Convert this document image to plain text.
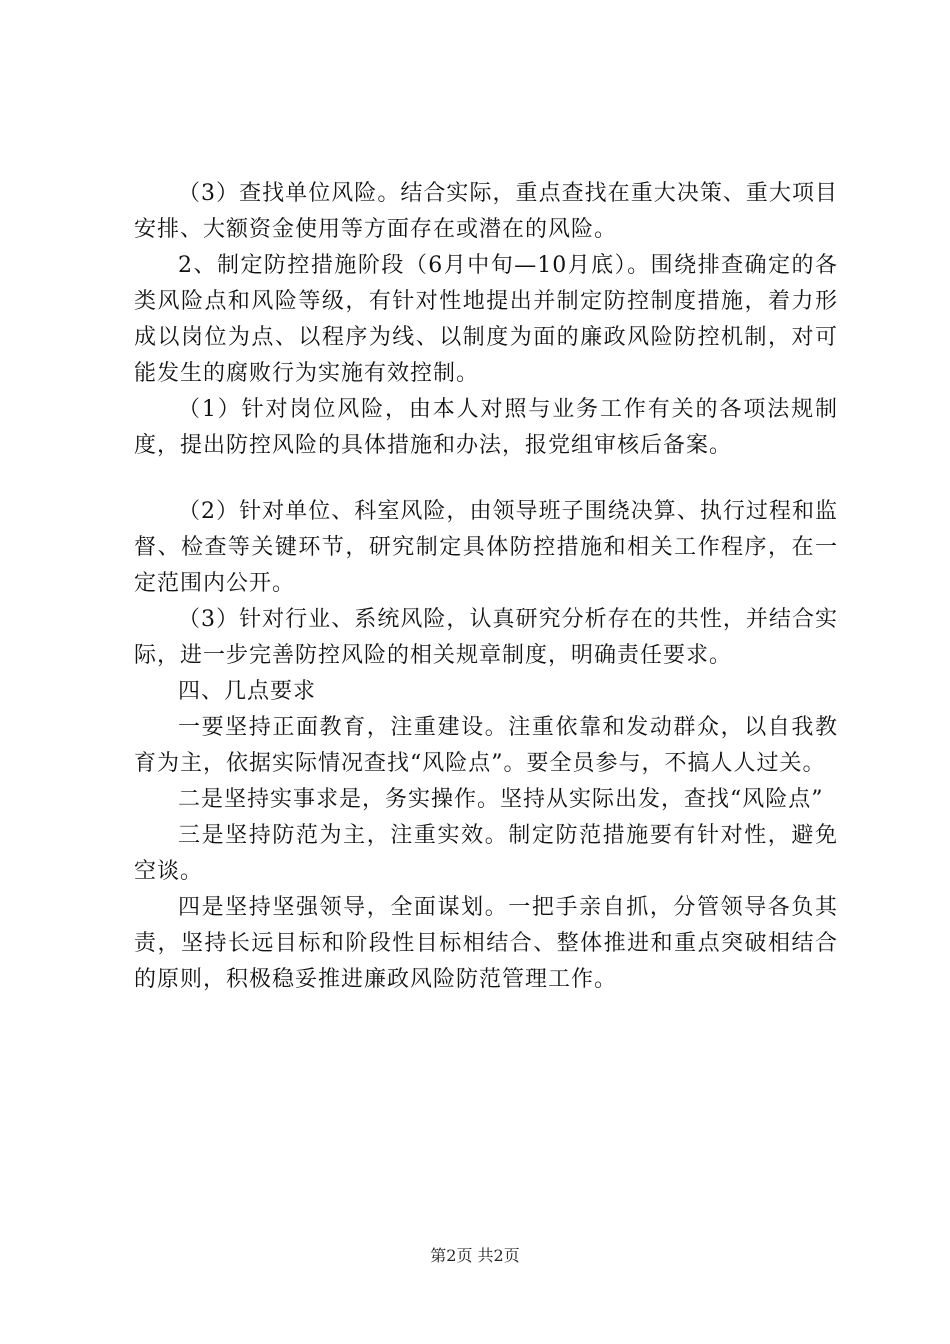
（3）查找单位风险。结合实际，重点查找在重大决策、重大项目安排、大额资金使用等方面存在或潜在的风险。

2、制定防控措施阶段（6月中旬—10月底）。围绕排查确定的各类风险点和风险等级，有针对性地提出并制定防控制度措施，着力形成以岗位为点、以程序为线、以制度为面的廉政风险防控机制，对可能发生的腐败行为实施有效控制。

（1）针对岗位风险，由本人对照与业务工作有关的各项法规制度，提出防控风险的具体措施和办法，报党组审核后备案。

（2）针对单位、科室风险，由领导班子围绕决算、执行过程和监督、检查等关键环节，研究制定具体防控措施和相关工作程序，在一定范围内公开。

（3）针对行业、系统风险，认真研究分析存在的共性，并结合实际，进一步完善防控风险的相关规章制度，明确责任要求。

四、几点要求

一要坚持正面教育，注重建设。注重依靠和发动群众，以自我教育为主，依据实际情况查找“风险点”。要全员参与，不搞人人过关。

二是坚持实事求是，务实操作。坚持从实际出发，查找“风险点”

三是坚持防范为主，注重实效。制定防范措施要有针对性，避免空谈。

四是坚持坚强领导，全面谋划。一把手亲自抓，分管领导各负其责，坚持长远目标和阶段性目标相结合、整体推进和重点突破相结合的原则，积极稳妥推进廉政风险防范管理工作。

第2页 共2页
